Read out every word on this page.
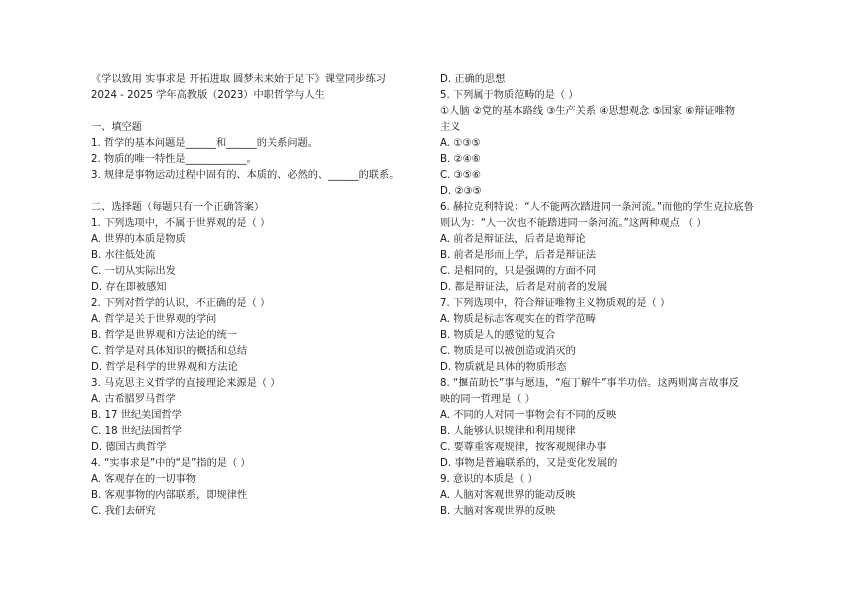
《学以致用 实事求是 开拓进取 圆梦未来始于足下》课堂同步练习
2024 - 2025 学年高教版（2023）中职哲学与人生
一、填空题
1. 哲学的基本问题是______和______的关系问题。
2. 物质的唯一特性是____________。
3. 规律是事物运动过程中固有的、本质的、必然的、______的联系。
二、选择题（每题只有一个正确答案）
1. 下列选项中，不属于世界观的是（ ）
A. 世界的本质是物质
B. 水往低处流
C. 一切从实际出发
D. 存在即被感知
2. 下列对哲学的认识，不正确的是（ ）
A. 哲学是关于世界观的学问
B. 哲学是世界观和方法论的统一
C. 哲学是对具体知识的概括和总结
D. 哲学是科学的世界观和方法论
3. 马克思主义哲学的直接理论来源是（ ）
A. 古希腊罗马哲学
B. 17 世纪美国哲学
C. 18 世纪法国哲学
D. 德国古典哲学
4. “实事求是”中的“是”指的是（ ）
A. 客观存在的一切事物
B. 客观事物的内部联系，即规律性
C. 我们去研究
D. 正确的思想
5. 下列属于物质范畴的是（ ）
①人脑 ②党的基本路线 ③生产关系 ④思想观念 ⑤国家 ⑥辩证唯物
主义
A. ①③⑤
B. ②④⑥
C. ③⑤⑥
D. ②③⑤
6. 赫拉克利特说：“人不能两次踏进同一条河流。”而他的学生克拉底鲁
则认为：“人一次也不能踏进同一条河流。”这两种观点 （ ）
A. 前者是辩证法，后者是诡辩论
B. 前者是形而上学，后者是辩证法
C. 是相同的，只是强调的方面不同
D. 都是辩证法，后者是对前者的发展
7. 下列选项中，符合辩证唯物主义物质观的是（ ）
A. 物质是标志客观实在的哲学范畴
B. 物质是人的感觉的复合
C. 物质是可以被创造或消灭的
D. 物质就是具体的物质形态
8. “揠苗助长”事与愿违，“庖丁解牛”事半功倍。这两则寓言故事反
映的同一哲理是（ ）
A. 不同的人对同一事物会有不同的反映
B. 人能够认识规律和利用规律
C. 要尊重客观规律，按客观规律办事
D. 事物是普遍联系的，又是变化发展的
9. 意识的本质是（ ）
A. 人脑对客观世界的能动反映
B. 大脑对客观世界的反映
